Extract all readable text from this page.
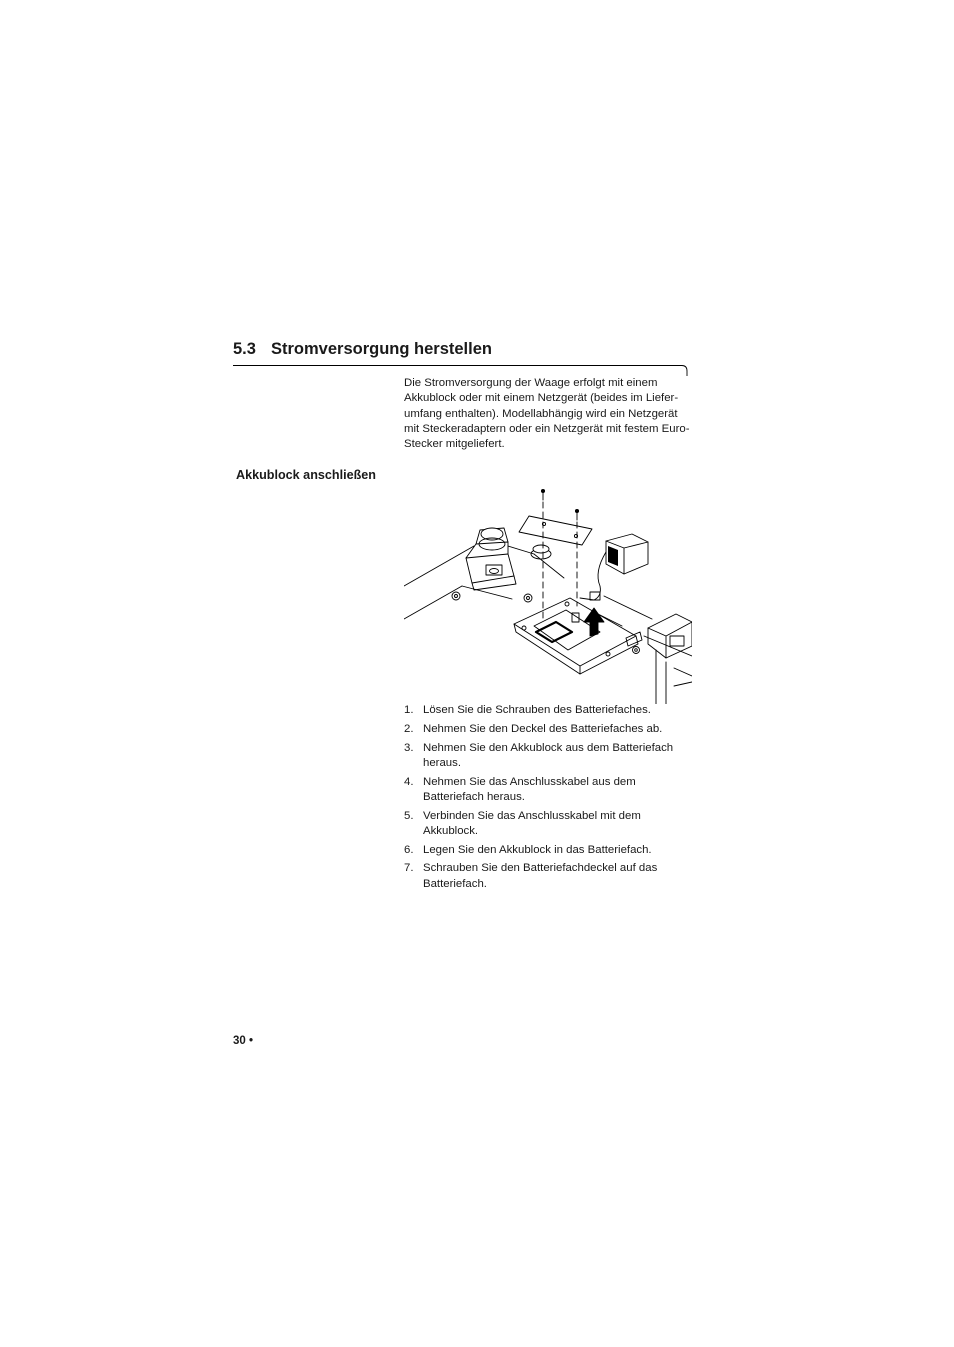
5.3 Stromversorgung herstellen

Die Stromversorgung der Waage erfolgt mit einem Akkublock oder mit einem Netzgerät (beides im Liefer-umfang enthalten). Modellabhängig wird ein Netzgerät mit Steckeradaptern oder ein Netzgerät mit festem Euro-Stecker mitgeliefert.

Akkublock anschließen
1. Lösen Sie die Schrauben des Batteriefaches.
2. Nehmen Sie den Deckel des Batteriefaches ab.
3. Nehmen Sie den Akkublock aus dem Batteriefach heraus.
4. Nehmen Sie das Anschlusskabel aus dem Batteriefach heraus.
5. Verbinden Sie das Anschlusskabel mit dem Akkublock.
6. Legen Sie den Akkublock in das Batteriefach.
7. Schrauben Sie den Batteriefachdeckel auf das Batteriefach.
30 •
